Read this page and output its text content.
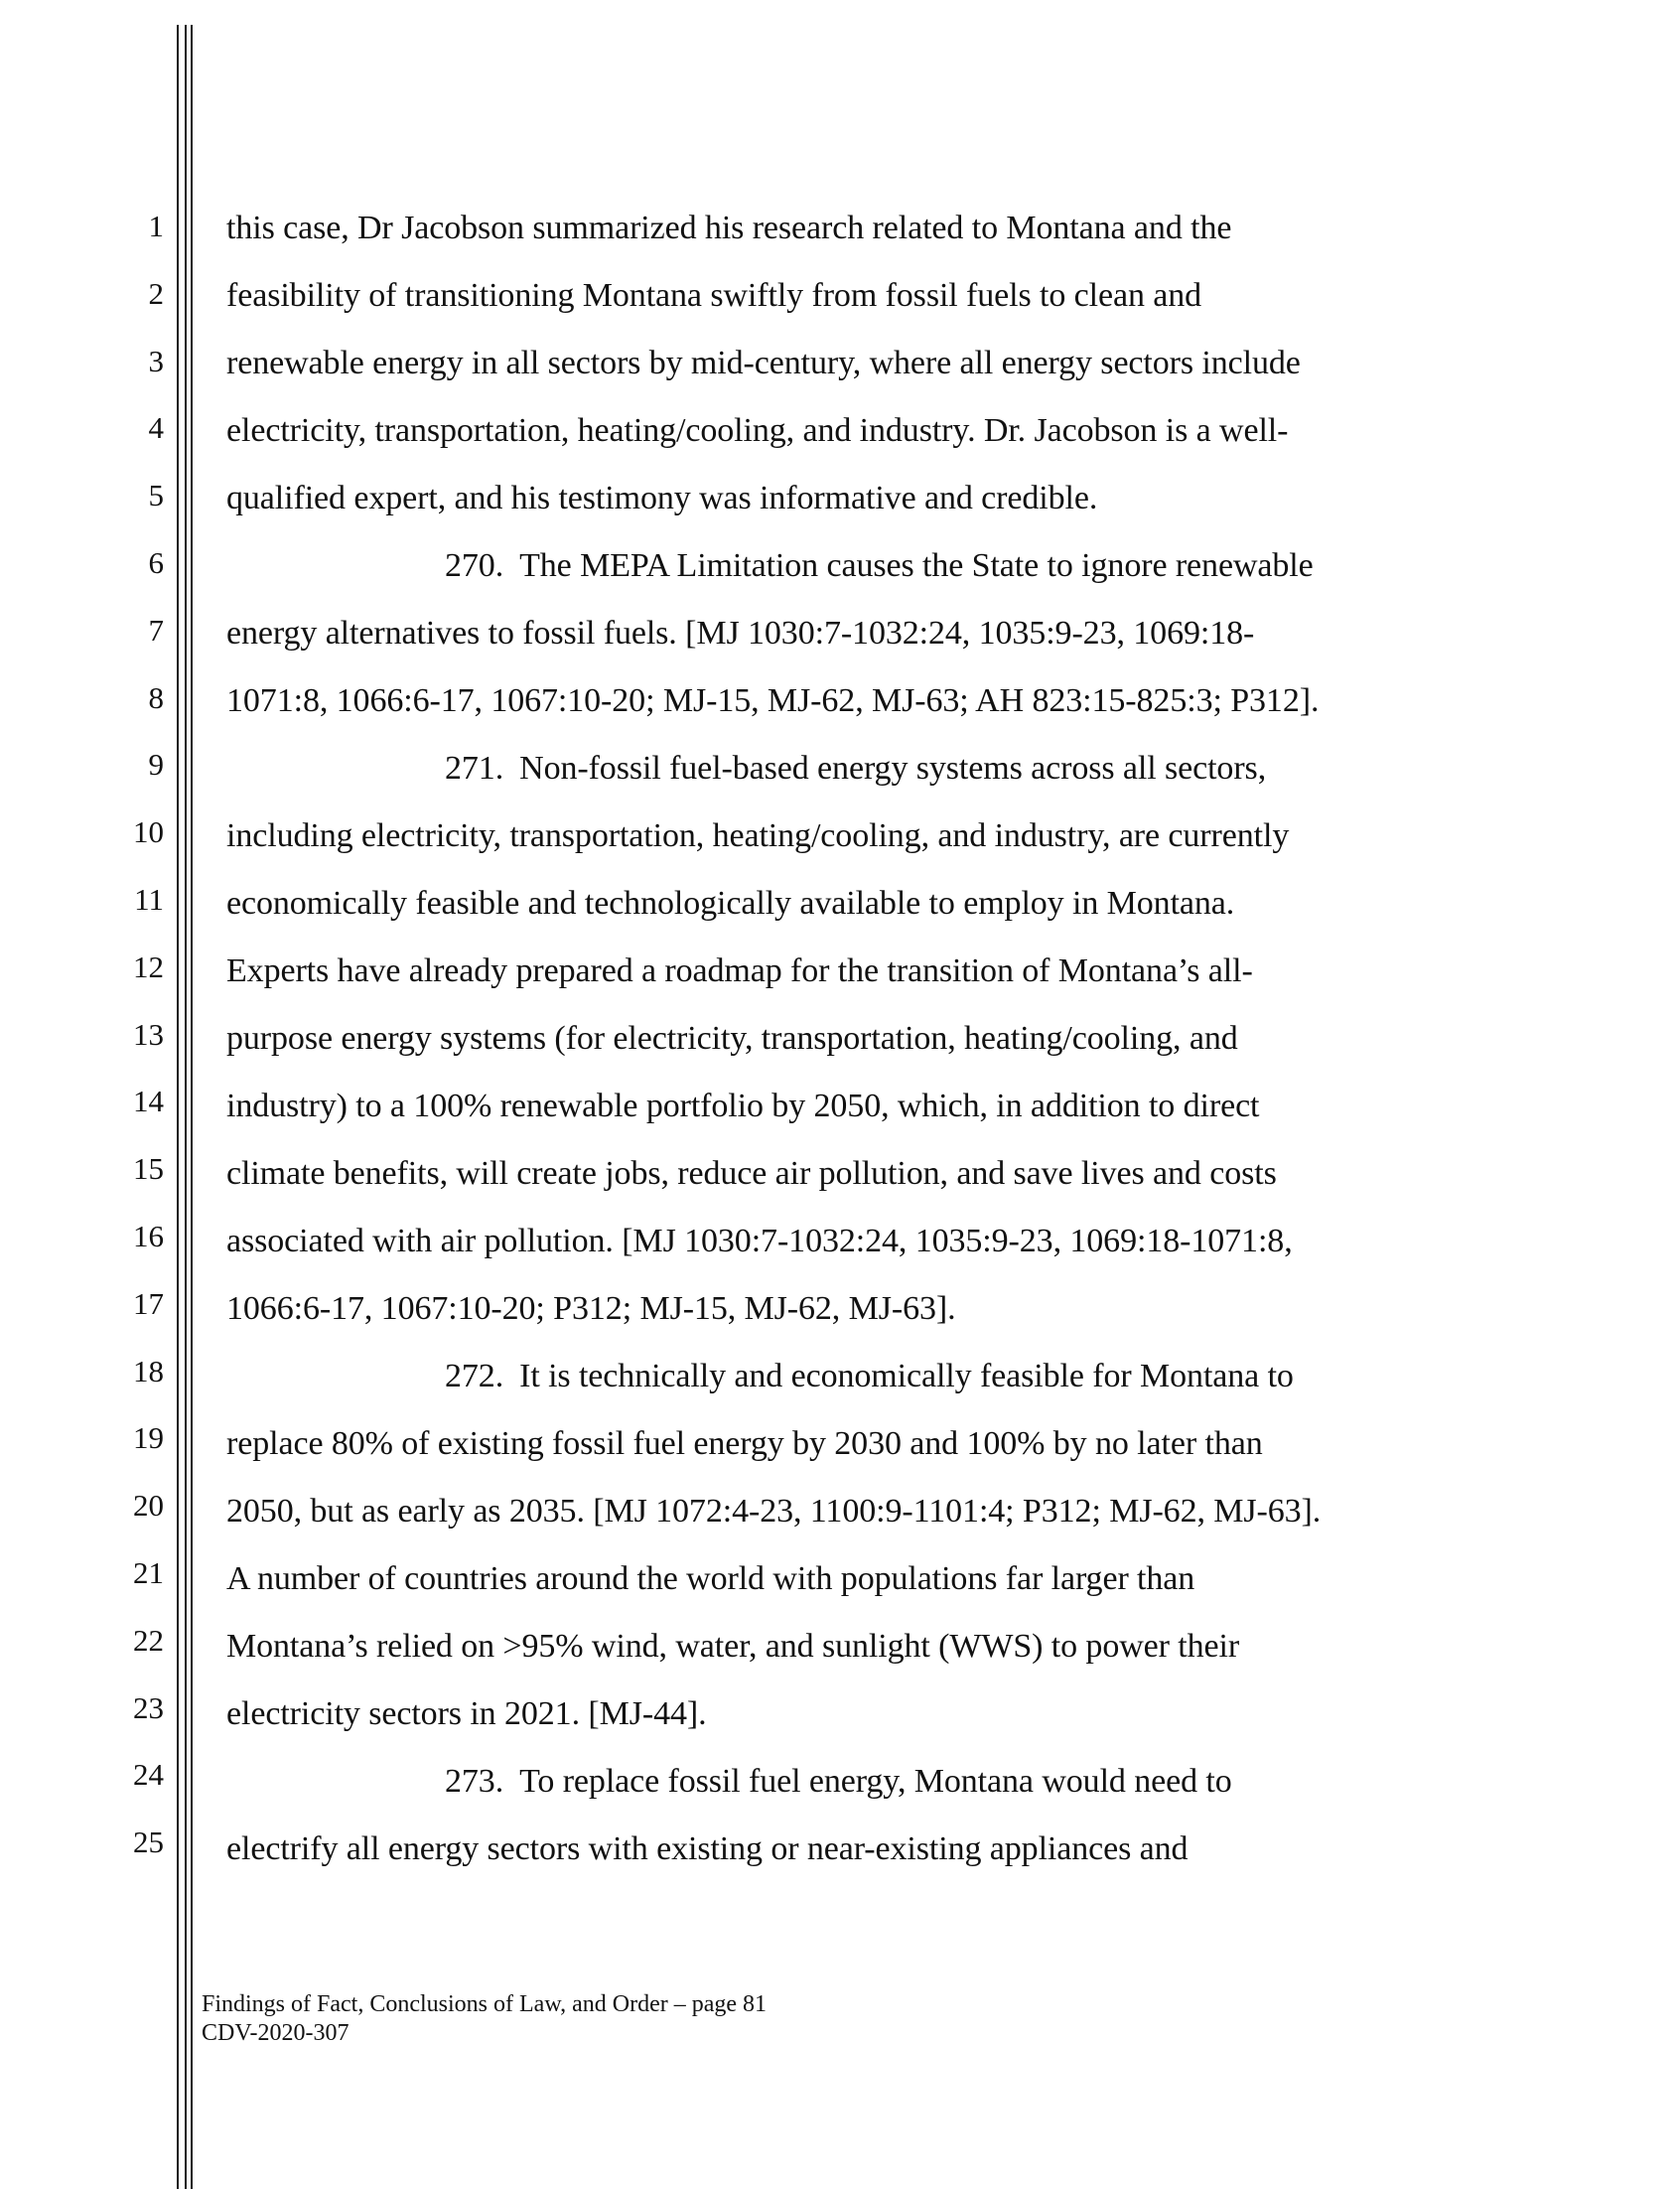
1
2
3
4
5
6
7
8
9
10
11
12
13
14
15
16
17
18
19
20
21
22
23
24
25
this case, Dr Jacobson summarized his research related to Montana and the
feasibility of transitioning Montana swiftly from fossil fuels to clean and
renewable energy in all sectors by mid-century, where all energy sectors include
electricity, transportation, heating/cooling, and industry. Dr. Jacobson is a well-
qualified expert, and his testimony was informative and credible.
270. The MEPA Limitation causes the State to ignore renewable
energy alternatives to fossil fuels. [MJ 1030:7-1032:24, 1035:9-23, 1069:18-
1071:8, 1066:6-17, 1067:10-20; MJ-15, MJ-62, MJ-63; AH 823:15-825:3; P312].
271. Non-fossil fuel-based energy systems across all sectors,
including electricity, transportation, heating/cooling, and industry, are currently
economically feasible and technologically available to employ in Montana.
Experts have already prepared a roadmap for the transition of Montana’s all-
purpose energy systems (for electricity, transportation, heating/cooling, and
industry) to a 100% renewable portfolio by 2050, which, in addition to direct
climate benefits, will create jobs, reduce air pollution, and save lives and costs
associated with air pollution. [MJ 1030:7-1032:24, 1035:9-23, 1069:18-1071:8,
1066:6-17, 1067:10-20; P312; MJ-15, MJ-62, MJ-63].
272. It is technically and economically feasible for Montana to
replace 80% of existing fossil fuel energy by 2030 and 100% by no later than
2050, but as early as 2035. [MJ 1072:4-23, 1100:9-1101:4; P312; MJ-62, MJ-63].
A number of countries around the world with populations far larger than
Montana’s relied on >95% wind, water, and sunlight (WWS) to power their
electricity sectors in 2021. [MJ-44].
273. To replace fossil fuel energy, Montana would need to
electrify all energy sectors with existing or near-existing appliances and
Findings of Fact, Conclusions of Law, and Order – page 81
CDV-2020-307
